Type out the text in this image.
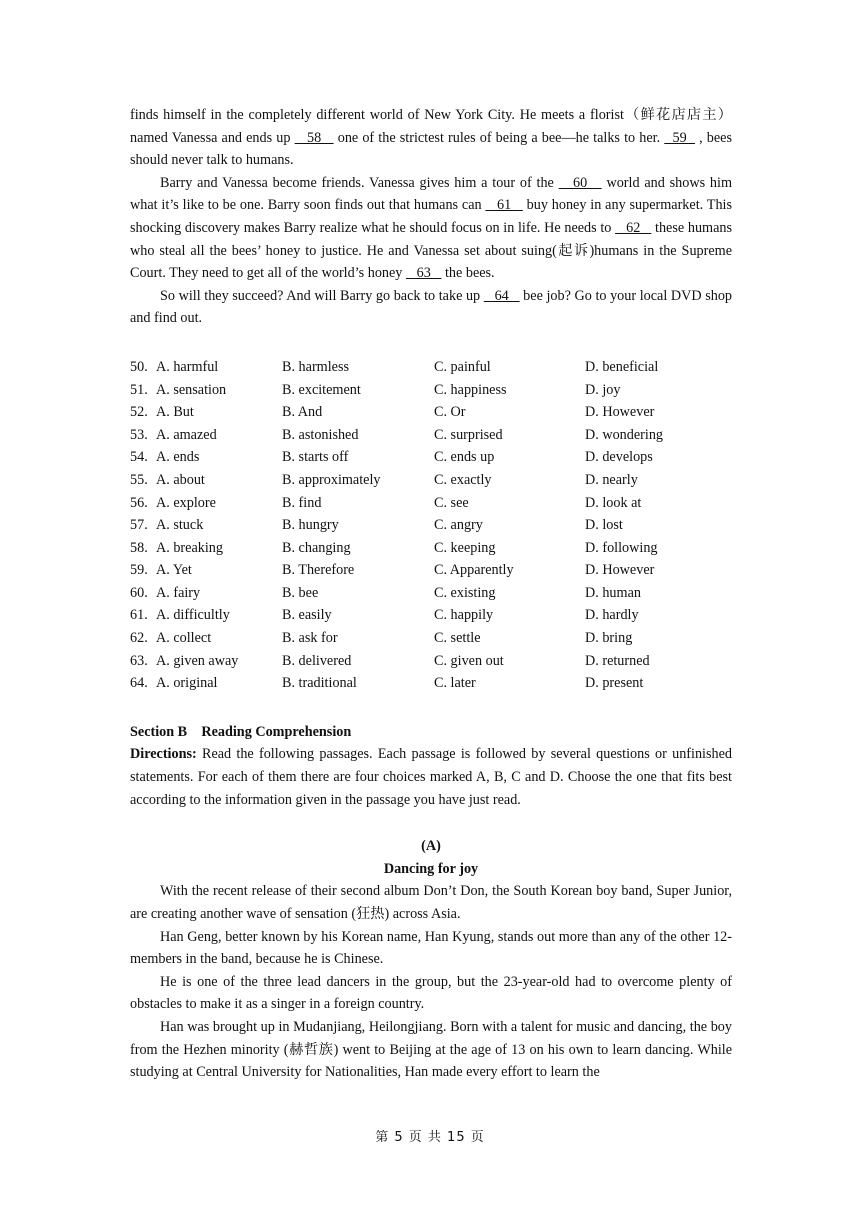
finds himself in the completely different world of New York City. He meets a florist（鲜花店店主）named Vanessa and ends up    58    one of the strictest rules of being a bee—he talks to her.   59   , bees should never talk to humans.

Barry and Vanessa become friends. Vanessa gives him a tour of the    60    world and shows him what it’s like to be one. Barry soon finds out that humans can    61    buy honey in any supermarket. This shocking discovery makes Barry realize what he should focus on in life. He needs to    62    these humans who steal all the bees’ honey to justice. He and Vanessa set about suing(起诉)humans in the Supreme Court. They need to get all of the world’s honey    63    the bees.

So will they succeed? And will Barry go back to take up    64    bee job? Go to your local DVD shop and find out.

50. A. harmful	B. harmless	C. painful	D. beneficial
51. A. sensation	B. excitement	C. happiness	D. joy
52. A. But	B. And	C. Or	D. However
53. A. amazed	B. astonished	C. surprised	D. wondering
54. A. ends	B. starts off	C. ends up	D. develops
55. A. about	B. approximately	C. exactly	D. nearly
56. A. explore	B. find	C. see	D. look at
57. A. stuck	B. hungry	C. angry	D. lost
58. A. breaking	B. changing	C. keeping	D. following
59. A. Yet	B. Therefore	C. Apparently	D. However
60. A. fairy	B. bee	C. existing	D. human
61. A. difficultly	B. easily	C. happily	D. hardly
62. A. collect	B. ask for	C. settle	D. bring
63. A. given away	B. delivered	C. given out	D. returned
64. A. original	B. traditional	C. later	D. present
Section B    Reading Comprehension

Directions: Read the following passages. Each passage is followed by several questions or unfinished statements. For each of them there are four choices marked A, B, C and D. Choose the one that fits best according to the information given in the passage you have just read.

(A)
Dancing for joy

With the recent release of their second album Don’t Don, the South Korean boy band, Super Junior, are creating another wave of sensation (狂热) across Asia.

Han Geng, better known by his Korean name, Han Kyung, stands out more than any of the other 12-members in the band, because he is Chinese.

He is one of the three lead dancers in the group, but the 23-year-old had to overcome plenty of obstacles to make it as a singer in a foreign country.

Han was brought up in Mudanjiang, Heilongjiang. Born with a talent for music and dancing, the boy from the Hezhen minority (赫哲族) went to Beijing at the age of 13 on his own to learn dancing. While studying at Central University for Nationalities, Han made every effort to learn the

第 5 页 共 15 页
